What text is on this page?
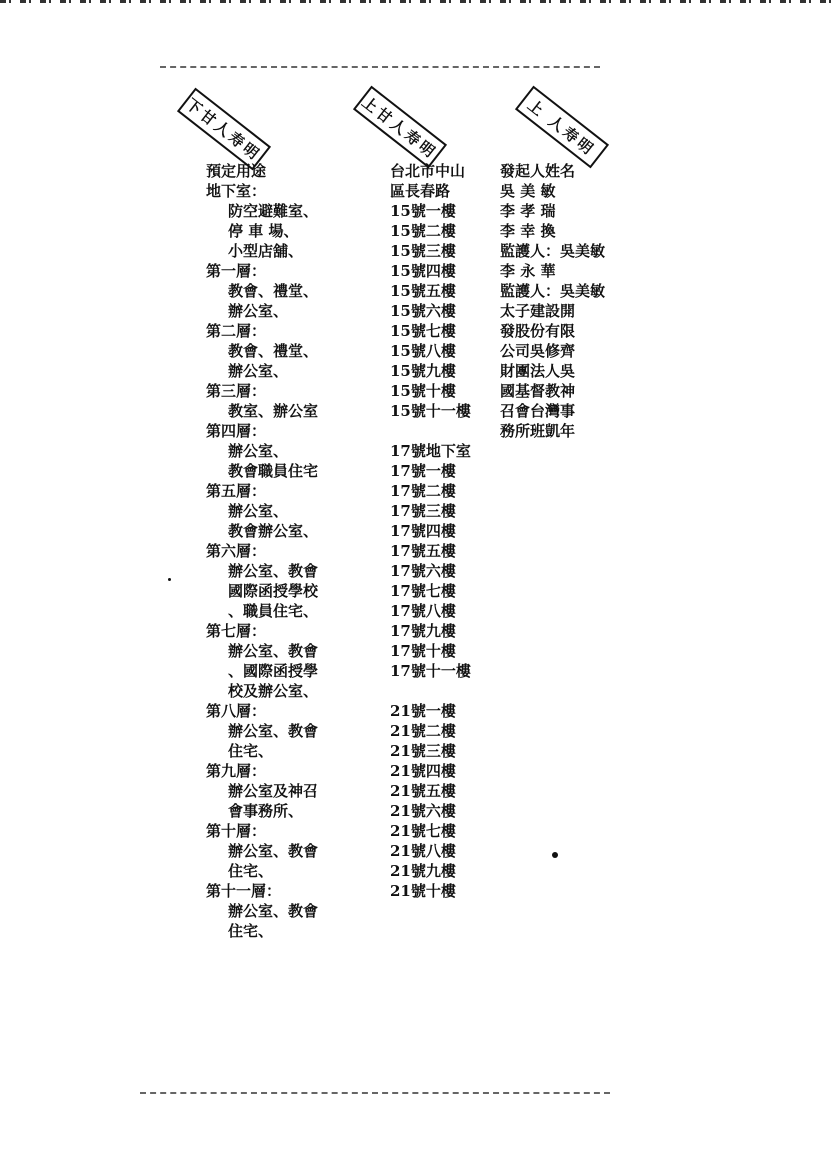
下甘人寿明	上甘人寿明	上 人寿明
預定用途
地下室：
防空避難室、
停 車 場、
小型店舖、
第一層：
教會、禮堂、
辦公室、
第二層：
教會、禮堂、
辦公室、
第三層：
教室、辦公室
第四層：
辦公室、
教會職員住宅
第五層：
辦公室、
教會辦公室、
第六層：
辦公室、教會
國際函授學校
、職員住宅、
第七層：
辦公室、教會
、國際函授學
校及辦公室、
第八層：
辦公室、教會
住宅、
第九層：
辦公室及神召
會事務所、
第十層：
辦公室、教會
住宅、
第十一層：
辦公室、教會
住宅、
台北市中山
區長春路
15號一樓
15號二樓
15號三樓
15號四樓
15號五樓
15號六樓
15號七樓
15號八樓
15號九樓
15號十樓
15號十一樓
17號地下室
17號一樓
17號二樓
17號三樓
17號四樓
17號五樓
17號六樓
17號七樓
17號八樓
17號九樓
17號十樓
17號十一樓
21號一樓
21號二樓
21號三樓
21號四樓
21號五樓
21號六樓
21號七樓
21號八樓
21號九樓
21號十樓
發起人姓名
吳 美 敏
李 孝 瑞
李 幸 換
監護人：吳美敏
李 永 華
監護人：吳美敏
太子建設開
發股份有限
公司吳修齊
財團法人吳
國基督教神
召會台灣事
務所班凱年
